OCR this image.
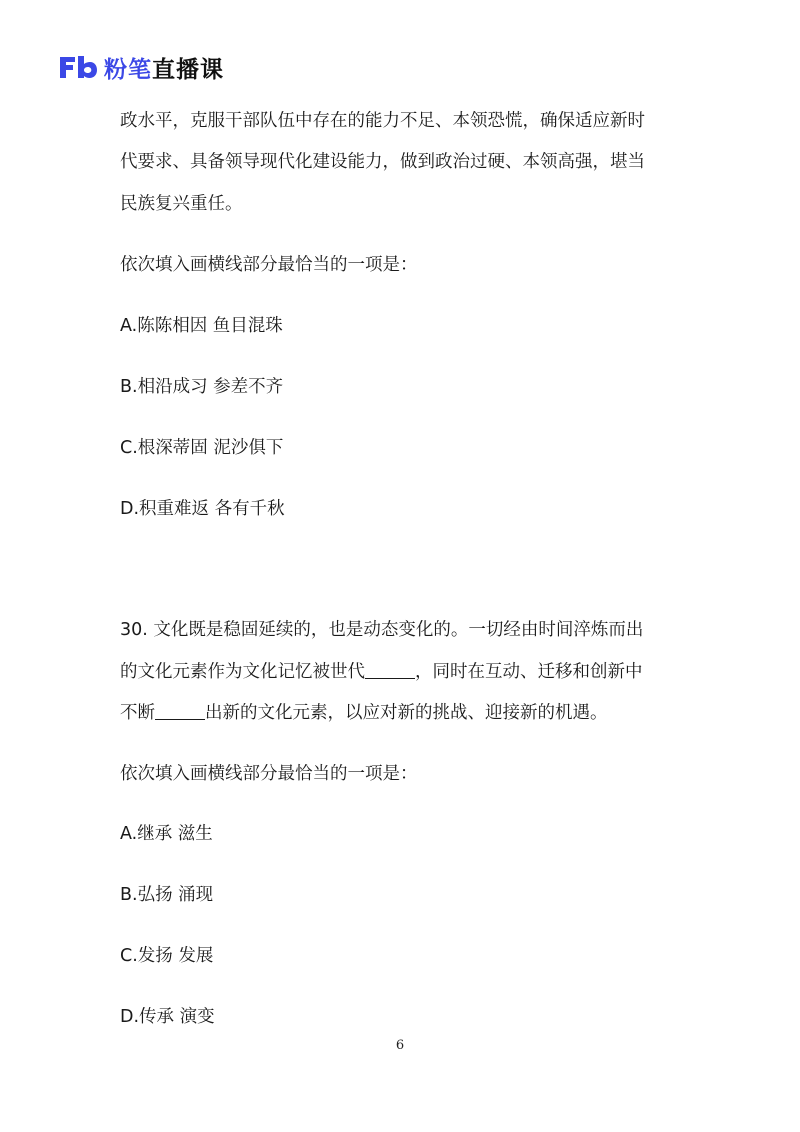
粉笔 直播课
政水平，克服干部队伍中存在的能力不足、本领恐慌，确保适应新时
代要求、具备领导现代化建设能力，做到政治过硬、本领高强，堪当
民族复兴重任。
依次填入画横线部分最恰当的一项是：
A.陈陈相因 鱼目混珠
B.相沿成习 参差不齐
C.根深蒂固 泥沙俱下
D.积重难返 各有千秋
30. 文化既是稳固延续的，也是动态变化的。一切经由时间淬炼而出
的文化元素作为文化记忆被世代	，同时在互动、迁移和创新中
不断	出新的文化元素，以应对新的挑战、迎接新的机遇。
依次填入画横线部分最恰当的一项是：
A.继承 滋生
B.弘扬 涌现
C.发扬 发展
D.传承 演变
6
